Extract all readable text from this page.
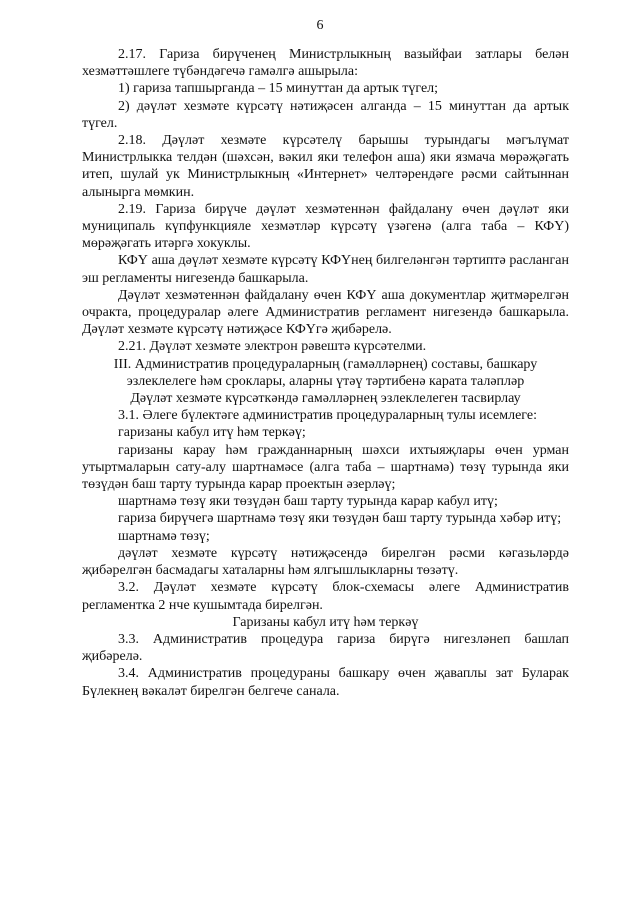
6

2.17. Гариза бирүченең Министрлыкның вазыйфаи затлары белән хезмәттәшлеге түбәндәгечә гамәлгә ашырыла:

1) гариза тапшырганда – 15 минуттан да артык түгел;

2) дәүләт хезмәте күрсәтү нәтиҗәсен алганда – 15 минуттан да артык түгел.

2.18. Дәүләт хезмәте күрсәтелү барышы турындагы мәгълүмат Министрлыкка телдән (шәхсән, вәкил яки телефон аша) яки язмача мөрәҗәгать итеп, шулай ук Министрлыкның «Интернет» челтәрендәге рәсми сайтыннан алынырга мөмкин.

2.19. Гариза бирүче дәүләт хезмәтеннән файдалану өчен дәүләт яки муниципаль күпфункцияле хезмәтләр күрсәтү үзәгенә (алга таба – КФҮ) мөрәҗәгать итәргә хокуклы.

КФҮ аша дәүләт хезмәте күрсәтү КФҮнең билгеләнгән тәртиптә расланган эш регламенты нигезендә башкарыла.

Дәүләт хезмәтеннән файдалану өчен КФҮ аша документлар җитмәрелгән очракта, процедуралар әлеге Административ регламент нигезендә башкарыла. Дәүләт хезмәте күрсәтү нәтиҗәсе КФҮгә җибәрелә.

2.21. Дәүләт хезмәте электрон рәвештә күрсәтелми.

III. Административ процедураларның (гамәлләрнең) составы, башкару эзлеклелеге һәм сроклары, аларны үтәү тәртибенә карата таләпләр

Дәүләт хезмәте күрсәткәндә гамәлләрнең эзлеклелеген тасвирлау

3.1. Әлеге бүлектәге административ процедураларның тулы исемлеге:

гаризаны кабул итү һәм теркәү;

гаризаны карау һәм гражданнарның шәхси ихтыяҗлары өчен урман утыртмаларын сату-алу шартнамәсе (алга таба – шартнамә) төзү турында яки төзүдән баш тарту турында карар проектын әзерләү;

шартнамә төзү яки төзүдән баш тарту турында карар кабул итү;

гариза бирүчегә шартнамә төзү яки төзүдән баш тарту турында хәбәр итү;

шартнамә төзү;

дәүләт хезмәте күрсәтү нәтиҗәсендә бирелгән рәсми кәгазьләрдә җибәрелгән басмадагы хаталарны һәм ялгышлыкларны төзәтү.

3.2. Дәүләт хезмәте күрсәтү блок-схемасы әлеге Административ регламентка 2 нче кушымтада бирелгән.

Гаризаны кабул итү һәм теркәү

3.3. Административ процедура гариза бирүгә нигезләнеп башлап җибәрелә.

3.4. Административ процедураны башкару өчен җаваплы зат Буларак Бүлекнең вәкаләт бирелгән белгече санала.
